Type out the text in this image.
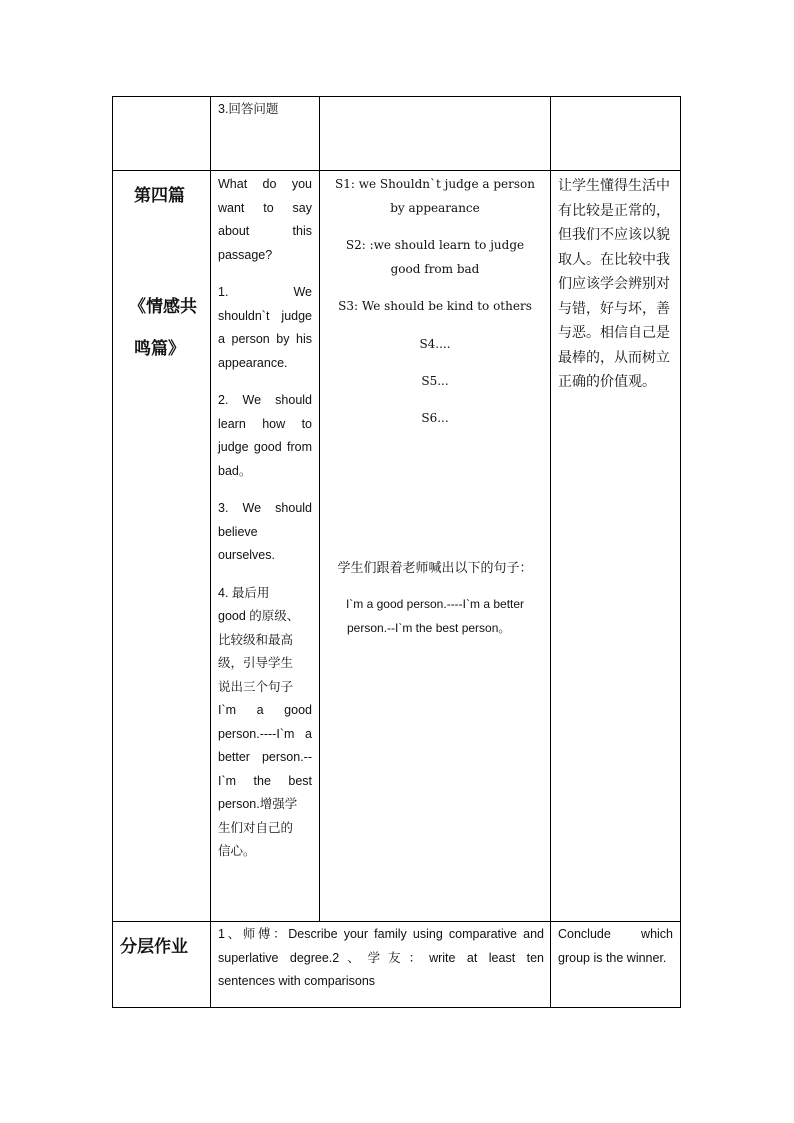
3.回答问题
第四篇
《情感共
鸣篇》
What do you
want to say
about this
passage?
1. We
shouldn`t judge
a person by his
appearance.
2. We should
learn how to
judge good from
bad。
3. We should
believe
ourselves.
4. 最后用
good 的原级、
比较级和最高
级，引导学生
说出三个句子
I`m a good
person.----I`m a
better person.--
I`m the best
person.增强学
生们对自己的
信心。
S1: we Shouldn`t judge a person
by appearance
S2: :we should learn to judge
good from bad
S3: We should be kind to others
S4....
S5...
S6...
学生们跟着老师喊出以下的句子：
I`m a good person.----I`m a better
person.--I`m the best person。
让学生懂得生活中
有比较是正常的，
但我们不应该以貌
取人。在比较中我
们应该学会辨别对
与错，好与坏，善
与恶。相信自己是
最棒的，从而树立
正确的价值观。
分层作业
1、师傅：Describe your family using comparative and
superlative degree.2、学友：write at least ten
sentences with comparisons
Conclude which
group is the winner.
